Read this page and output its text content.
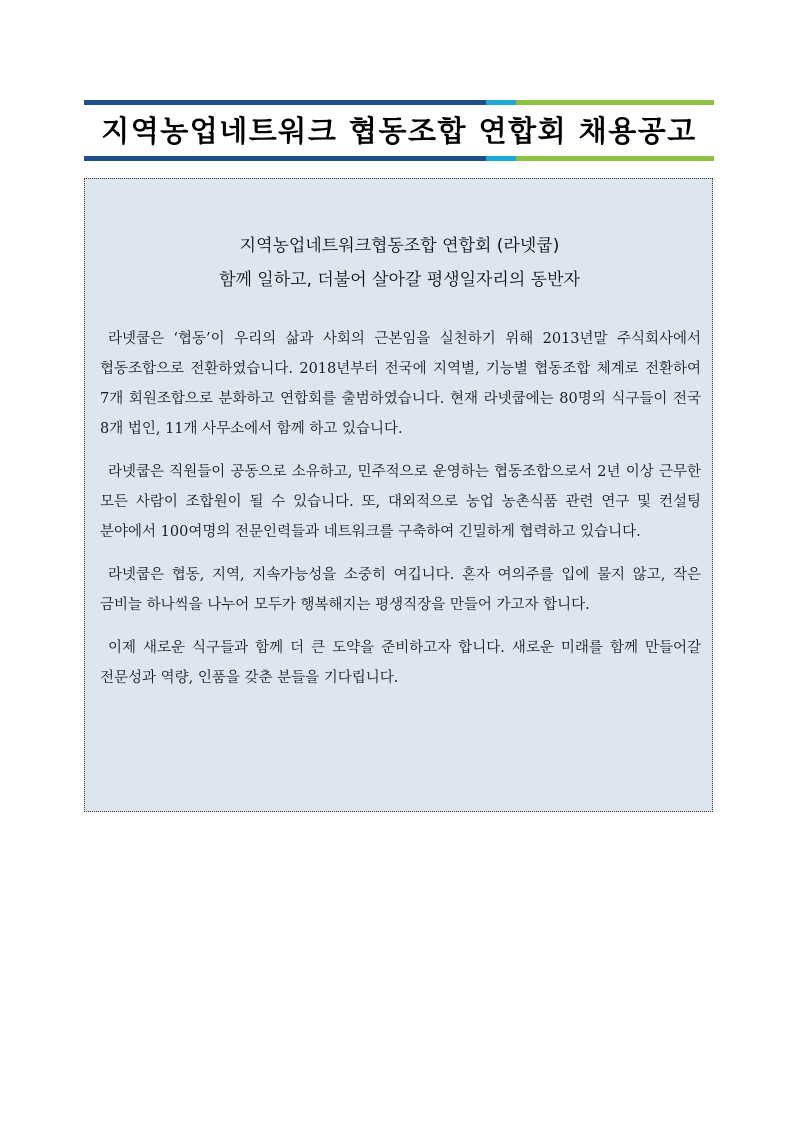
지역농업네트워크 협동조합 연합회 채용공고
지역농업네트워크협동조합 연합회 (라넷쿱)
함께 일하고, 더불어 살아갈 평생일자리의 동반자

라넷쿱은 ‘협동’이 우리의 삶과 사회의 근본임을 실천하기 위해 2013년말 주식회사에서 협동조합으로 전환하였습니다. 2018년부터 전국에 지역별, 기능별 협동조합 체계로 전환하여 7개 회원조합으로 분화하고 연합회를 출범하였습니다. 현재 라넷쿱에는 80명의 식구들이 전국 8개 법인, 11개 사무소에서 함께 하고 있습니다.

라넷쿱은 직원들이 공동으로 소유하고, 민주적으로 운영하는 협동조합으로서 2년 이상 근무한 모든 사람이 조합원이 될 수 있습니다. 또, 대외적으로 농업 농촌식품 관련 연구 및 컨설팅 분야에서 100여명의 전문인력들과 네트워크를 구축하여 긴밀하게 협력하고 있습니다.

라넷쿱은 협동, 지역, 지속가능성을 소중히 여깁니다. 혼자 여의주를 입에 물지 않고, 작은 금비늘 하나씩을 나누어 모두가 행복해지는 평생직장을 만들어 가고자 합니다.

이제 새로운 식구들과 함께 더 큰 도약을 준비하고자 합니다. 새로운 미래를 함께 만들어갈 전문성과 역량, 인품을 갖춘 분들을 기다립니다.
